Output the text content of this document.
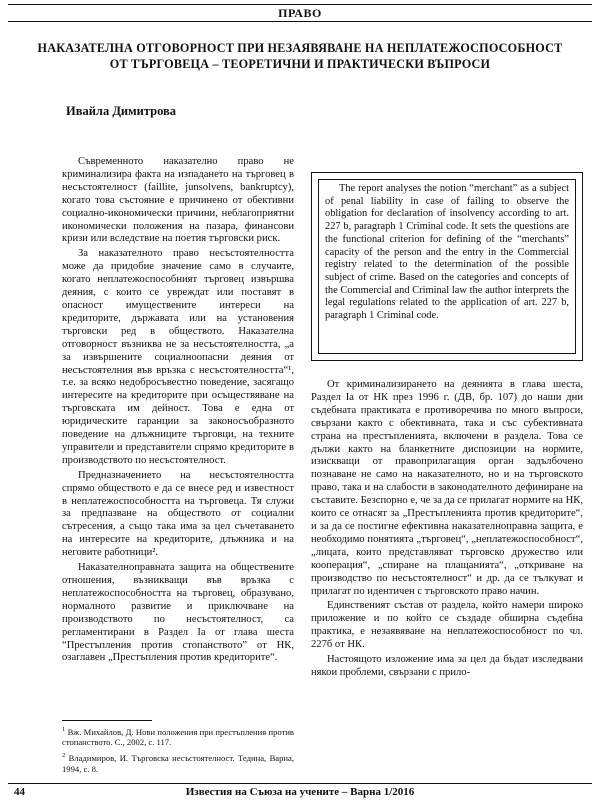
ПРАВО
НАКАЗАТЕЛНА ОТГОВОРНОСТ ПРИ НЕЗАЯВЯВАНЕ НА НЕПЛАТЕЖОСПОСОБНОСТ
ОТ ТЪРГОВЕЦА – ТЕОРЕТИЧНИ И ПРАКТИЧЕСКИ ВЪПРОСИ
Ивайла Димитрова

Съвременното наказателно право не криминализира факта на изпадането на търговец в несъстоятелност (faillite, junsolvens, bankruptcy), когато това състояние е причинено от обективни социално-икономически причини, неблагоприятни икономически положения на пазара, финансови кризи или вследствие на поетия търговски риск.

За наказателното право несъстоятелността може да придобие значение само в случаите, когато неплатежоспособният търговец извършва деяния, с които се увреждат или поставят в опасност имуществените интереси на кредиторите, държавата или на установения търговски ред в обществото. Наказателна отговорност възниква не за несъстоятелността, „а за извършените социалноопасни деяния от несъстоятелния във връзка с несъстоятелността“¹, т.е. за всяко недобросъвестно поведение, засягащо интересите на кредиторите при осъществяване на търговската им дейност. Това е една от юридическите гаранции за законосъобразното поведение на длъжниците търговци, на техните управители и представители спрямо кредиторите в производството по несъстоятелност.

Предназначението на несъстоятелността спрямо обществото е да се внесе ред и известност в неплатежоспособността на търговеца. Тя служи за предпазване на обществото от социални сътресения, а също така има за цел съчетаването на интересите на кредиторите, длъжника и на неговите работници².

Наказателноправната защита на обществените отношения, възникващи във връзка с неплатежоспособността на търговец, образувано, нормалното развитие и приключване на производството по несъстоятелност, са регламентирани в Раздел Iа от глава шеста “Престъпления против стопанството” от НК, озаглавен „Престъпления против кредиторите“.

The report analyses the notion “merchant” as a subject of penal liability in case of failing to observe the obligation for declaration of insolvency according to art. 227 b, paragraph 1 Criminal code. It sets the questions are the functional criterion for defining of the “merchants” capacity of the person and the entry in the Commercial registry related to the determination of the possible subject of crime. Based on the categories and concepts of the Commercial and Criminal law the author interprets the legal regulations related to the application of art. 227 b, paragraph 1 Criminal code.

От криминализирането на деянията в глава шеста, Раздел Iа от НК през 1996 г. (ДВ, бр. 107) до наши дни съдебната практиката е противоречива по много въпроси, свързани както с обективната, така и със субективната страна на престъпленията, включени в раздела. Това се дължи както на бланкетните диспозиции на нормите, изискващи от правоприлагащия орган задълбочено познаване не само на наказателното, но и на търговското право, така и на слабости в законодателното дефиниране на съставите. Безспорно е, че за да се прилагат нормите на НК, които се отнасят за „Престъпленията против кредиторите“, и за да се постигне ефективна наказателноправна защита, е необходимо понятията „търговец“, „неплатежоспособност“, „лицата, които представляват търговско дружество или кооперация“, „спиране на плащанията“, „откриване на производство по несъстоятелност“ и др. да се тълкуват и прилагат по идентичен с търговското право начин.

Единственият състав от раздела, който намери широко приложение и по който се създаде обширна съдебна практика, е незаявяване на неплатежоспособност по чл. 227б от НК.

Настоящото изложение има за цел да бъдат изследвани някои проблеми, свързани с прило-

$^1$ Вж. Михайлов, Д. Нови положения при престъпления против стопанството. С., 2002, с. 117.

$^2$ Владимиров, И. Търговска несъстоятелност. Тедина, Варна, 1994, с. 8.

44	Известия на Съюза на учените – Варна 1/2016
